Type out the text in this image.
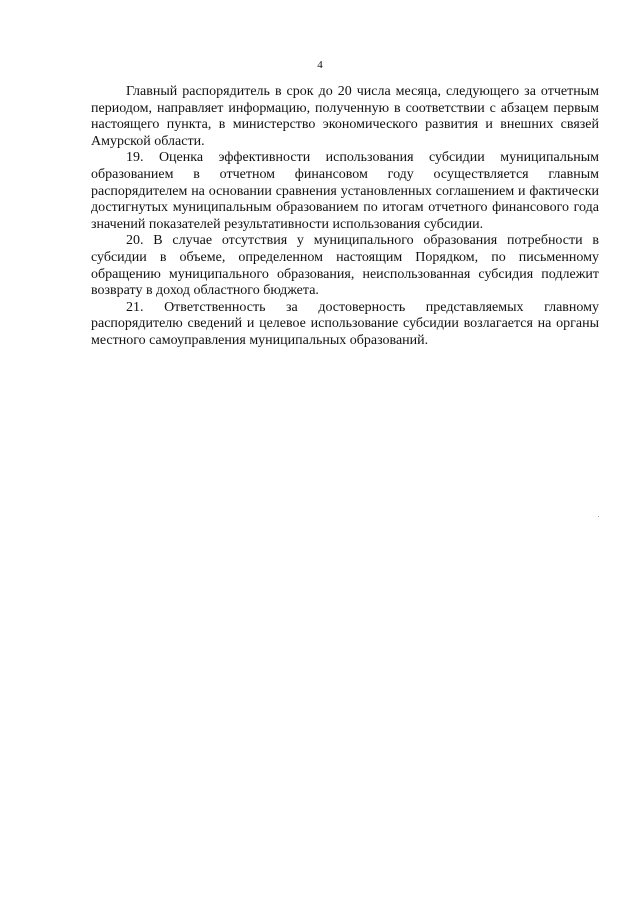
4

Главный распорядитель в срок до 20 числа месяца, следующего за отчетным периодом, направляет информацию, полученную в соответствии с абзацем первым настоящего пункта, в министерство экономического развития и внешних связей Амурской области.

19. Оценка эффективности использования субсидии муниципальным образованием в отчетном финансовом году осуществляется главным распорядителем на основании сравнения установленных соглашением и фактически достигнутых муниципальным образованием по итогам отчетного финансового года значений показателей результативности использования субсидии.

20. В случае отсутствия у муниципального образования потребности в субсидии в объеме, определенном настоящим Порядком, по письменному обращению муниципального образования, неиспользованная субсидия подлежит возврату в доход областного бюджета.

21. Ответственность за достоверность представляемых главному распорядителю сведений и целевое использование субсидии возлагается на органы местного самоуправления муниципальных образований.
